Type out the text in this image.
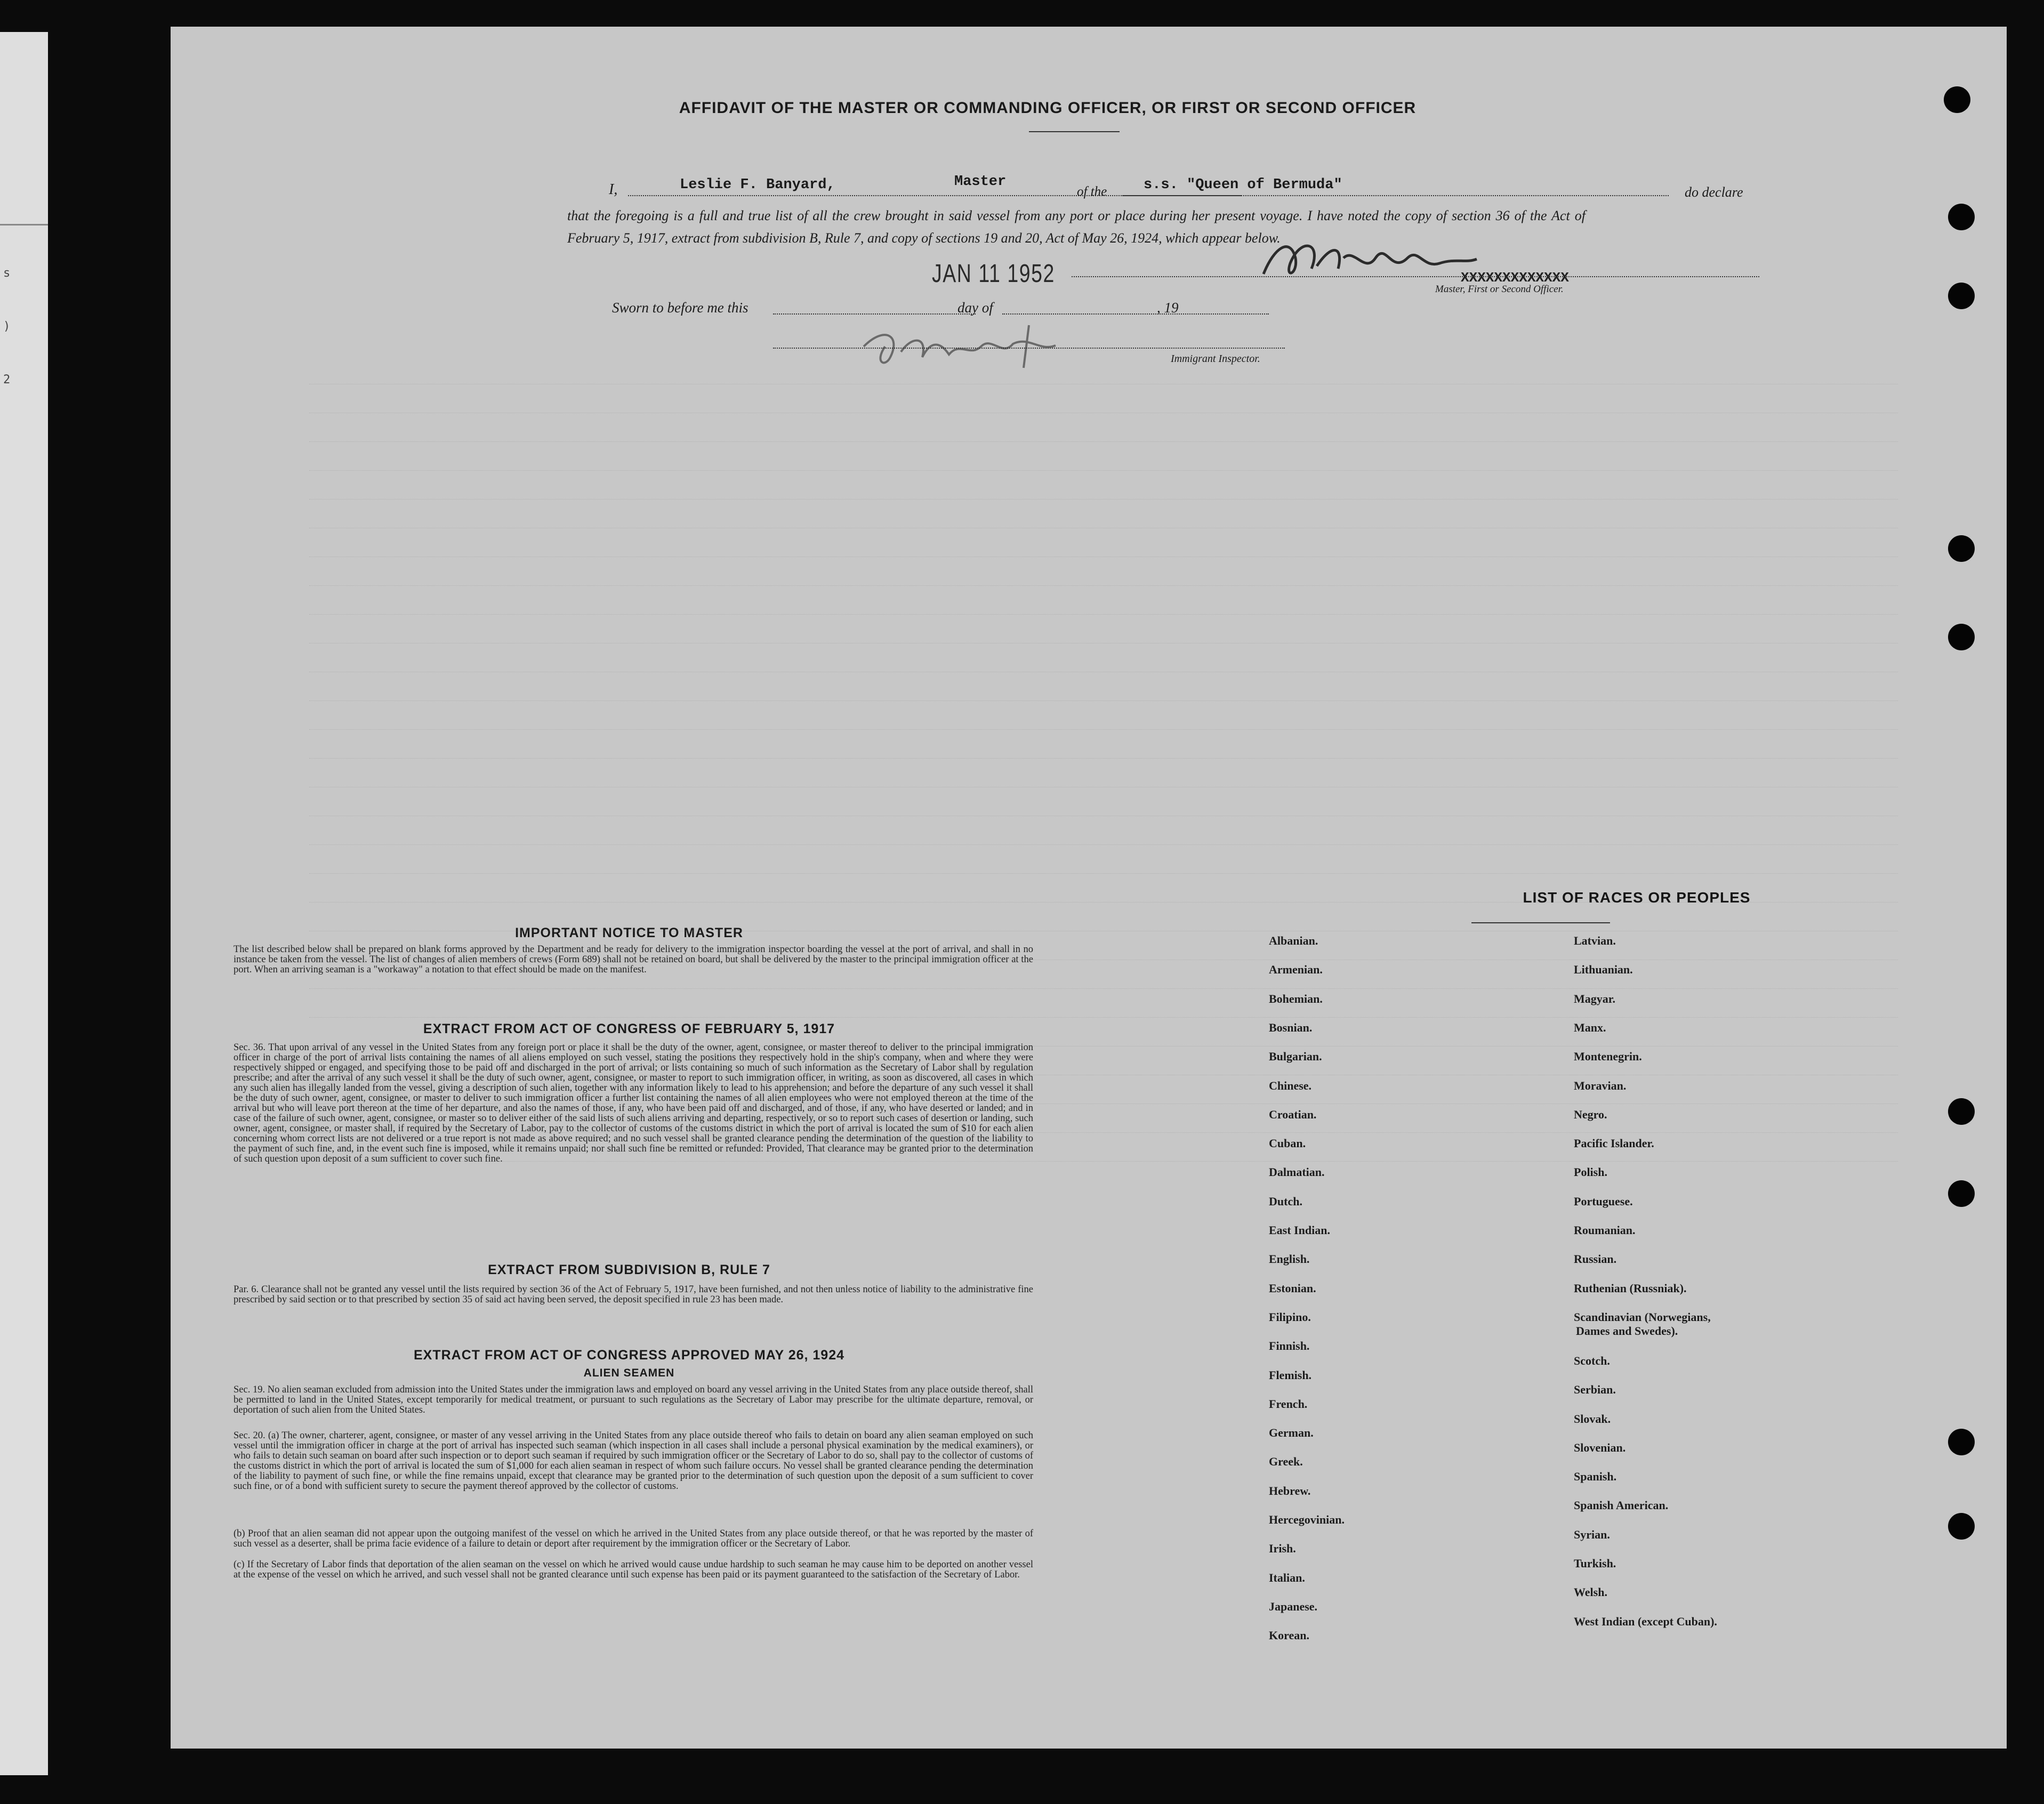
s
)
2
AFFIDAVIT OF THE MASTER OR COMMANDING OFFICER, OR FIRST OR SECOND OFFICER
I,	Leslie F. Banyard,	Master
of the	s.s. "Queen of Bermuda"	do declare
that the foregoing is a full and true list of all the crew brought in said vessel from any port or place during her present voyage. I have noted the copy of section 36 of the Act of February 5, 1917, extract from subdivision B, Rule 7, and copy of sections 19 and 20, Act of May 26, 1924, which appear below.
JAN 11 1952	XXXXXXXXXXXXX
Master, First or Second Officer.
Sworn to before me this	day of	, 19
Immigrant Inspector.
IMPORTANT NOTICE TO MASTER
The list described below shall be prepared on blank forms approved by the Department and be ready for delivery to the immigration inspector boarding the vessel at the port of arrival, and shall in no instance be taken from the vessel. The list of changes of alien members of crews (Form 689) shall not be retained on board, but shall be delivered by the master to the principal immigration officer at the port. When an arriving seaman is a "workaway" a notation to that effect should be made on the manifest.
EXTRACT FROM ACT OF CONGRESS OF FEBRUARY 5, 1917
Sec. 36. That upon arrival of any vessel in the United States from any foreign port or place it shall be the duty of the owner, agent, consignee, or master thereof to deliver to the principal immigration officer in charge of the port of arrival lists containing the names of all aliens employed on such vessel, stating the positions they respectively hold in the ship's company, when and where they were respectively shipped or engaged, and specifying those to be paid off and discharged in the port of arrival; or lists containing so much of such information as the Secretary of Labor shall by regulation prescribe; and after the arrival of any such vessel it shall be the duty of such owner, agent, consignee, or master to report to such immigration officer, in writing, as soon as discovered, all cases in which any such alien has illegally landed from the vessel, giving a description of such alien, together with any information likely to lead to his apprehension; and before the departure of any such vessel it shall be the duty of such owner, agent, consignee, or master to deliver to such immigration officer a further list containing the names of all alien employees who were not employed thereon at the time of the arrival but who will leave port thereon at the time of her departure, and also the names of those, if any, who have been paid off and discharged, and of those, if any, who have deserted or landed; and in case of the failure of such owner, agent, consignee, or master so to deliver either of the said lists of such aliens arriving and departing, respectively, or so to report such cases of desertion or landing, such owner, agent, consignee, or master shall, if required by the Secretary of Labor, pay to the collector of customs of the customs district in which the port of arrival is located the sum of $10 for each alien concerning whom correct lists are not delivered or a true report is not made as above required; and no such vessel shall be granted clearance pending the determination of the question of the liability to the payment of such fine, and, in the event such fine is imposed, while it remains unpaid; nor shall such fine be remitted or refunded: Provided, That clearance may be granted prior to the determination of such question upon deposit of a sum sufficient to cover such fine.
EXTRACT FROM SUBDIVISION B, RULE 7
Par. 6. Clearance shall not be granted any vessel until the lists required by section 36 of the Act of February 5, 1917, have been furnished, and not then unless notice of liability to the administrative fine prescribed by said section or to that prescribed by section 35 of said act having been served, the deposit specified in rule 23 has been made.
EXTRACT FROM ACT OF CONGRESS APPROVED MAY 26, 1924
ALIEN SEAMEN
Sec. 19. No alien seaman excluded from admission into the United States under the immigration laws and employed on board any vessel arriving in the United States from any place outside thereof, shall be permitted to land in the United States, except temporarily for medical treatment, or pursuant to such regulations as the Secretary of Labor may prescribe for the ultimate departure, removal, or deportation of such alien from the United States.
Sec. 20. (a) The owner, charterer, agent, consignee, or master of any vessel arriving in the United States from any place outside thereof who fails to detain on board any alien seaman employed on such vessel until the immigration officer in charge at the port of arrival has inspected such seaman (which inspection in all cases shall include a personal physical examination by the medical examiners), or who fails to detain such seaman on board after such inspection or to deport such seaman if required by such immigration officer or the Secretary of Labor to do so, shall pay to the collector of customs of the customs district in which the port of arrival is located the sum of $1,000 for each alien seaman in respect of whom such failure occurs. No vessel shall be granted clearance pending the determination of the liability to payment of such fine, or while the fine remains unpaid, except that clearance may be granted prior to the determination of such question upon the deposit of a sum sufficient to cover such fine, or of a bond with sufficient surety to secure the payment thereof approved by the collector of customs.
(b) Proof that an alien seaman did not appear upon the outgoing manifest of the vessel on which he arrived in the United States from any place outside thereof, or that he was reported by the master of such vessel as a deserter, shall be prima facie evidence of a failure to detain or deport after requirement by the immigration officer or the Secretary of Labor.
(c) If the Secretary of Labor finds that deportation of the alien seaman on the vessel on which he arrived would cause undue hardship to such seaman he may cause him to be deported on another vessel at the expense of the vessel on which he arrived, and such vessel shall not be granted clearance until such expense has been paid or its payment guaranteed to the satisfaction of the Secretary of Labor.
LIST OF RACES OR PEOPLES
Albanian.
Armenian.
Bohemian.
Bosnian.
Bulgarian.
Chinese.
Croatian.
Cuban.
Dalmatian.
Dutch.
East Indian.
English.
Estonian.
Filipino.
Finnish.
Flemish.
French.
German.
Greek.
Hebrew.
Hercegovinian.
Irish.
Italian.
Japanese.
Korean.
Latvian.
Lithuanian.
Magyar.
Manx.
Montenegrin.
Moravian.
Negro.
Pacific Islander.
Polish.
Portuguese.
Roumanian.
Russian.
Ruthenian (Russniak).
Scandinavian (Norwegians,
Dames and Swedes).
Scotch.
Serbian.
Slovak.
Slovenian.
Spanish.
Spanish American.
Syrian.
Turkish.
Welsh.
West Indian (except Cuban).
